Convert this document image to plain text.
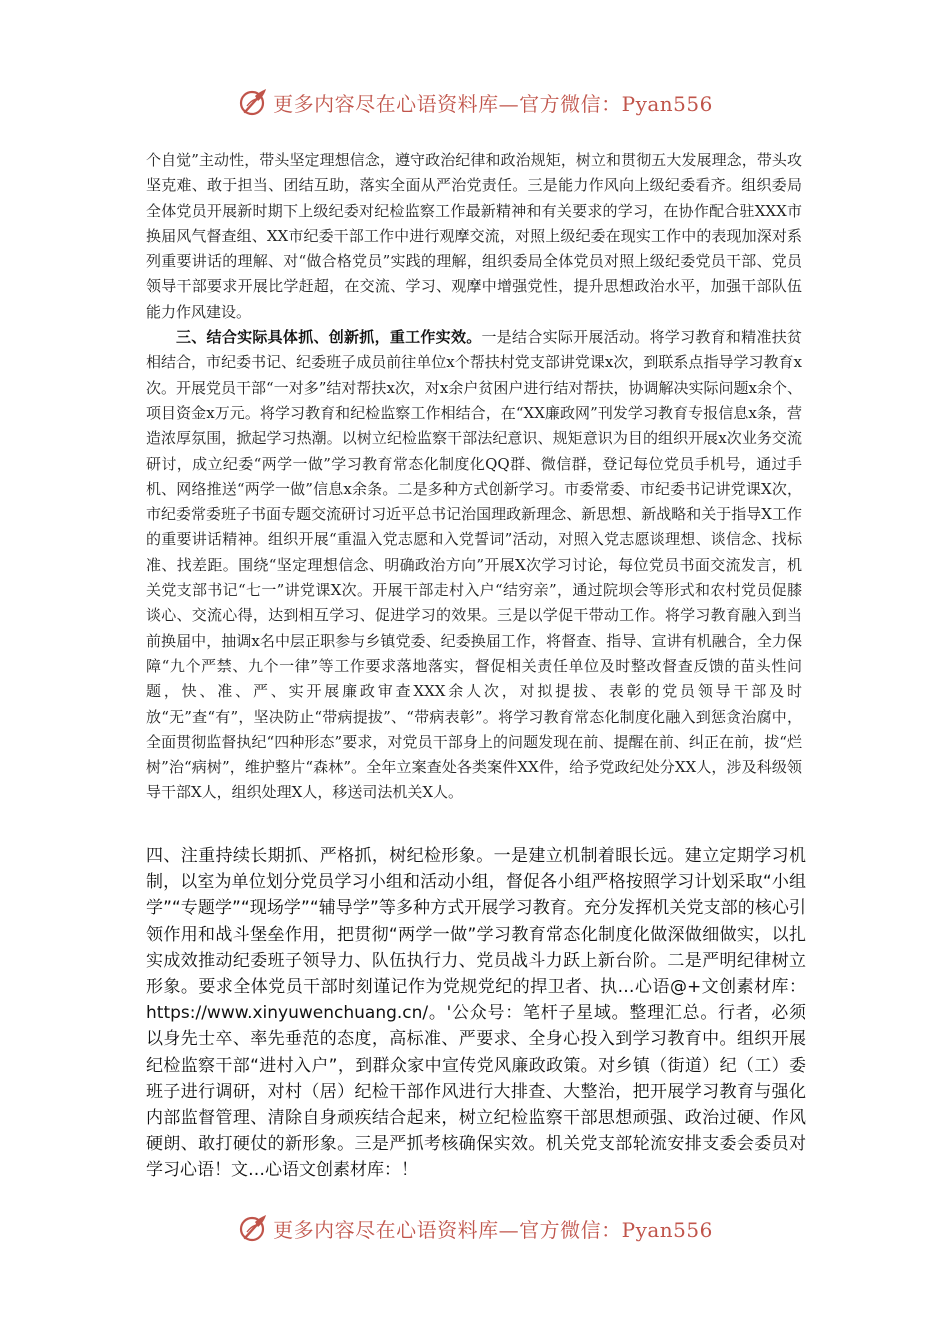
更多内容尽在心语资料库—官方微信：Pyan556

个自觉”主动性，带头坚定理想信念，遵守政治纪律和政治规矩，树立和贯彻五大发展理念，带头攻坚克难、敢于担当、团结互助，落实全面从严治党责任。三是能力作风向上级纪委看齐。组织委局全体党员开展新时期下上级纪委对纪检监察工作最新精神和有关要求的学习，在协作配合驻XXX市换届风气督查组、XX市纪委干部工作中进行观摩交流，对照上级纪委在现实工作中的表现加深对系列重要讲话的理解、对“做合格党员”实践的理解，组织委局全体党员对照上级纪委党员干部、党员领导干部要求开展比学赶超，在交流、学习、观摩中增强党性，提升思想政治水平，加强干部队伍能力作风建设。

三、结合实际具体抓、创新抓，重工作实效。一是结合实际开展活动。将学习教育和精准扶贫相结合，市纪委书记、纪委班子成员前往单位x个帮扶村党支部讲党课x次，到联系点指导学习教育x次。开展党员干部“一对多”结对帮扶x次，对x余户贫困户进行结对帮扶，协调解决实际问题x余个、项目资金x万元。将学习教育和纪检监察工作相结合，在“XX廉政网”刊发学习教育专报信息x条，营造浓厚氛围，掀起学习热潮。以树立纪检监察干部法纪意识、规矩意识为目的组织开展x次业务交流研讨，成立纪委“两学一做”学习教育常态化制度化QQ群、微信群，登记每位党员手机号，通过手机、网络推送“两学一做”信息x余条。二是多种方式创新学习。市委常委、市纪委书记讲党课X次，市纪委常委班子书面专题交流研讨习近平总书记治国理政新理念、新思想、新战略和关于指导X工作的重要讲话精神。组织开展“重温入党志愿和入党誓词”活动，对照入党志愿谈理想、谈信念、找标准、找差距。围绕“坚定理想信念、明确政治方向”开展X次学习讨论，每位党员书面交流发言，机关党支部书记“七一”讲党课X次。开展干部走村入户“结穷亲”，通过院坝会等形式和农村党员促膝谈心、交流心得，达到相互学习、促进学习的效果。三是以学促干带动工作。将学习教育融入到当前换届中，抽调x名中层正职参与乡镇党委、纪委换届工作，将督查、指导、宣讲有机融合，全力保障“九个严禁、九个一律”等工作要求落地落实，督促相关责任单位及时整改督查反馈的苗头性问题，快、准、严、实开展廉政审查XXX余人次，对拟提拔、表彰的党员领导干部及时放“无”查“有”，坚决防止“带病提拔”、“带病表彰”。将学习教育常态化制度化融入到惩贪治腐中，全面贯彻监督执纪“四种形态”要求，对党员干部身上的问题发现在前、提醒在前、纠正在前，拔“烂树”治“病树”，维护整片“森林”。全年立案查处各类案件XX件，给予党政纪处分XX人，涉及科级领导干部X人，组织处理X人，移送司法机关X人。

四、注重持续长期抓、严格抓，树纪检形象。一是建立机制着眼长远。建立定期学习机制，以室为单位划分党员学习小组和活动小组，督促各小组严格按照学习计划采取“小组学”“专题学”“现场学”“辅导学”等多种方式开展学习教育。充分发挥机关党支部的核心引领作用和战斗堡垒作用，把贯彻“两学一做”学习教育常态化制度化做深做细做实，以扎实成效推动纪委班子领导力、队伍执行力、党员战斗力跃上新台阶。二是严明纪律树立形象。要求全体党员干部时刻谨记作为党规党纪的捍卫者、执…心语@+文创素材库：https://www.xinyuwenchuang.cn/。'公众号：笔杆子星域。整理汇总。行者，必须以身先士卒、率先垂范的态度，高标准、严要求、全身心投入到学习教育中。组织开展纪检监察干部“进村入户”，到群众家中宣传党风廉政政策。对乡镇（街道）纪（工）委班子进行调研，对村（居）纪检干部作风进行大排查、大整治，把开展学习教育与强化内部监督管理、清除自身顽疾结合起来，树立纪检监察干部思想顽强、政治过硬、作风硬朗、敢打硬仗的新形象。三是严抓考核确保实效。机关党支部轮流安排支委会委员对学习心语！文…心语文创素材库：！

更多内容尽在心语资料库—官方微信：Pyan556
